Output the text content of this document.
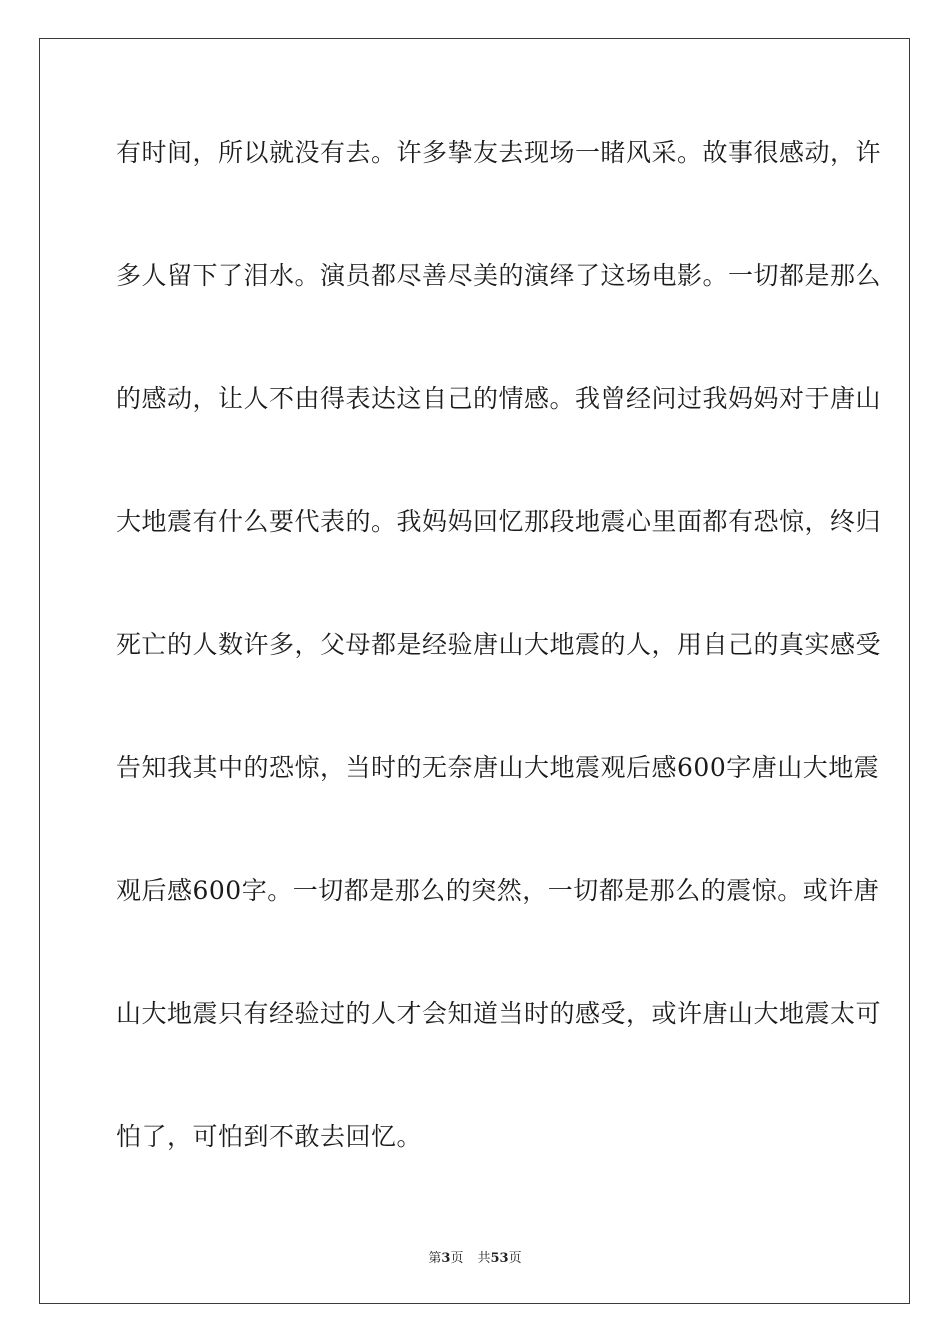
有时间，所以就没有去。许多挚友去现场一睹风采。故事很感动，许
多人留下了泪水。演员都尽善尽美的演绎了这场电影。一切都是那么
的感动，让人不由得表达这自己的情感。我曾经问过我妈妈对于唐山
大地震有什么要代表的。我妈妈回忆那段地震心里面都有恐惊，终归
死亡的人数许多，父母都是经验唐山大地震的人，用自己的真实感受
告知我其中的恐惊，当时的无奈唐山大地震观后感600字唐山大地震
观后感600字。一切都是那么的突然，一切都是那么的震惊。或许唐
山大地震只有经验过的人才会知道当时的感受，或许唐山大地震太可
怕了，可怕到不敢去回忆。
第3页 共53页
